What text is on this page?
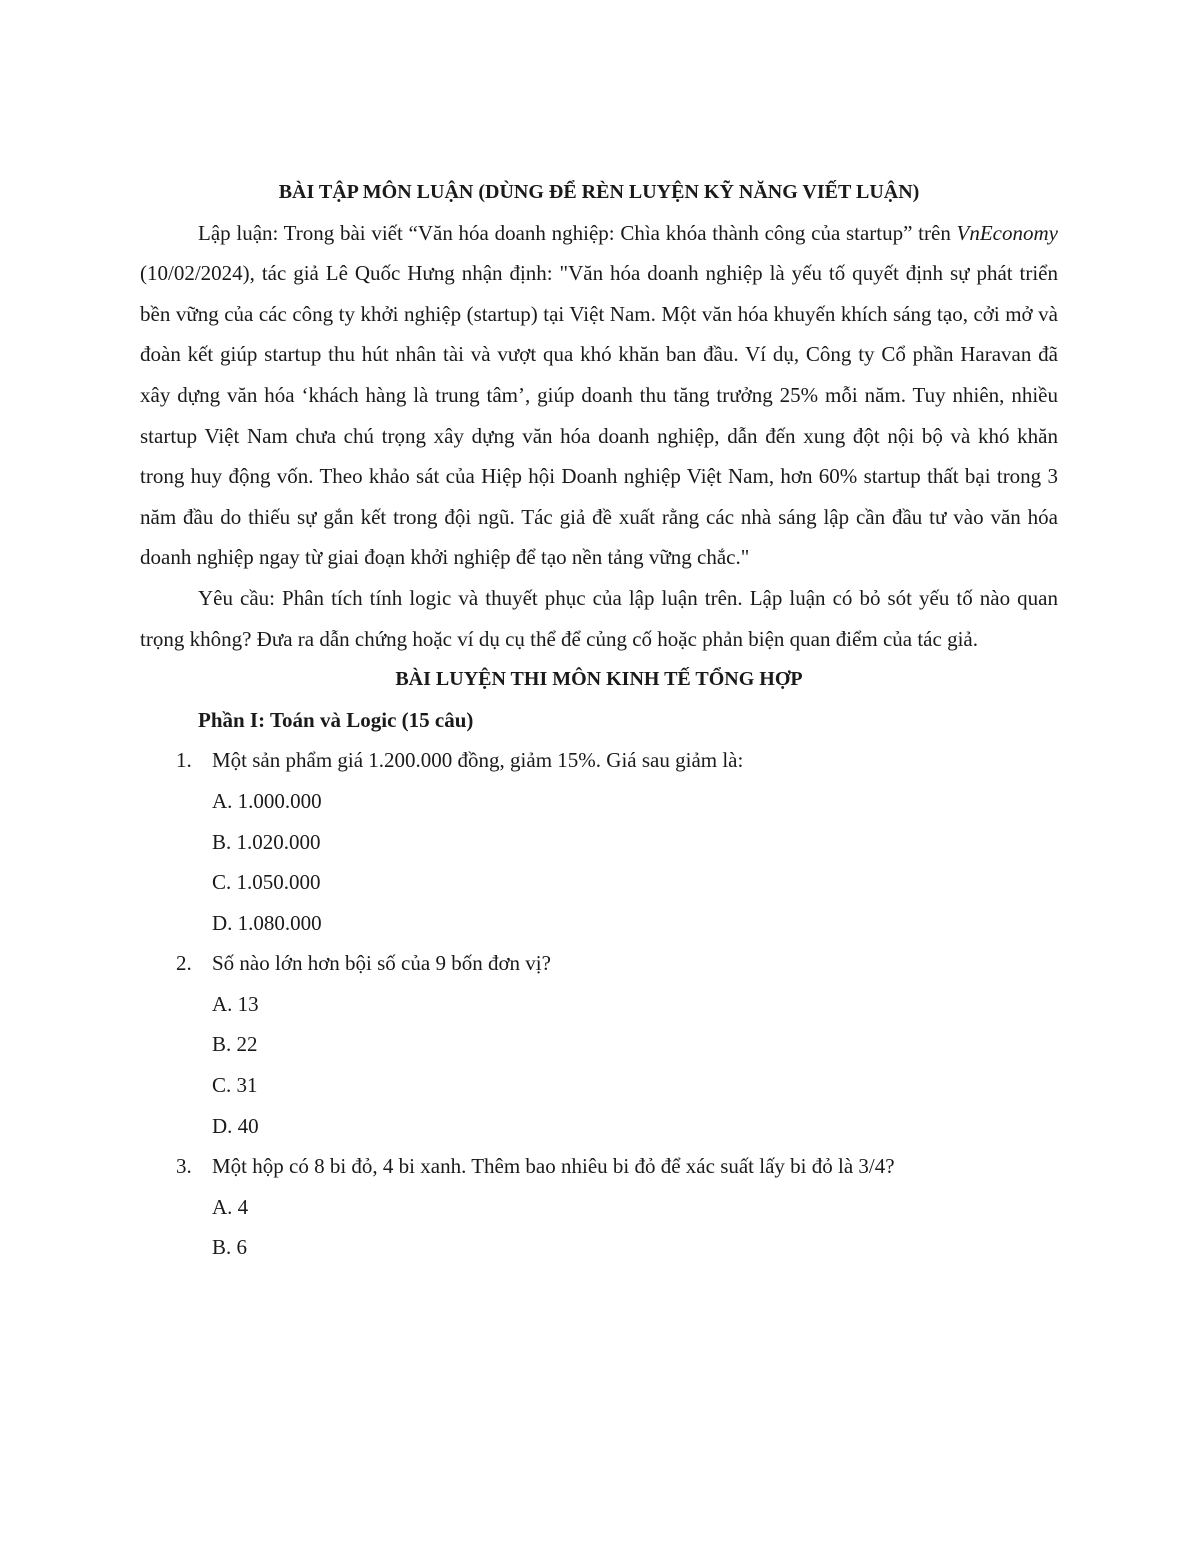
BÀI TẬP MÔN LUẬN (DÙNG ĐỂ RÈN LUYỆN KỸ NĂNG VIẾT LUẬN)

Lập luận: Trong bài viết “Văn hóa doanh nghiệp: Chìa khóa thành công của startup” trên VnEconomy (10/02/2024), tác giả Lê Quốc Hưng nhận định: "Văn hóa doanh nghiệp là yếu tố quyết định sự phát triển bền vững của các công ty khởi nghiệp (startup) tại Việt Nam. Một văn hóa khuyến khích sáng tạo, cởi mở và đoàn kết giúp startup thu hút nhân tài và vượt qua khó khăn ban đầu. Ví dụ, Công ty Cổ phần Haravan đã xây dựng văn hóa ‘khách hàng là trung tâm’, giúp doanh thu tăng trưởng 25% mỗi năm. Tuy nhiên, nhiều startup Việt Nam chưa chú trọng xây dựng văn hóa doanh nghiệp, dẫn đến xung đột nội bộ và khó khăn trong huy động vốn. Theo khảo sát của Hiệp hội Doanh nghiệp Việt Nam, hơn 60% startup thất bại trong 3 năm đầu do thiếu sự gắn kết trong đội ngũ. Tác giả đề xuất rằng các nhà sáng lập cần đầu tư vào văn hóa doanh nghiệp ngay từ giai đoạn khởi nghiệp để tạo nền tảng vững chắc."

Yêu cầu: Phân tích tính logic và thuyết phục của lập luận trên. Lập luận có bỏ sót yếu tố nào quan trọng không? Đưa ra dẫn chứng hoặc ví dụ cụ thể để củng cố hoặc phản biện quan điểm của tác giả.

BÀI LUYỆN THI MÔN KINH TẾ TỔNG HỢP

Phần I: Toán và Logic (15 câu)

1. Một sản phẩm giá 1.200.000 đồng, giảm 15%. Giá sau giảm là:

A. 1.000.000

B. 1.020.000

C. 1.050.000

D. 1.080.000

2. Số nào lớn hơn bội số của 9 bốn đơn vị?

A. 13

B. 22

C. 31

D. 40

3. Một hộp có 8 bi đỏ, 4 bi xanh. Thêm bao nhiêu bi đỏ để xác suất lấy bi đỏ là 3/4?

A. 4

B. 6
